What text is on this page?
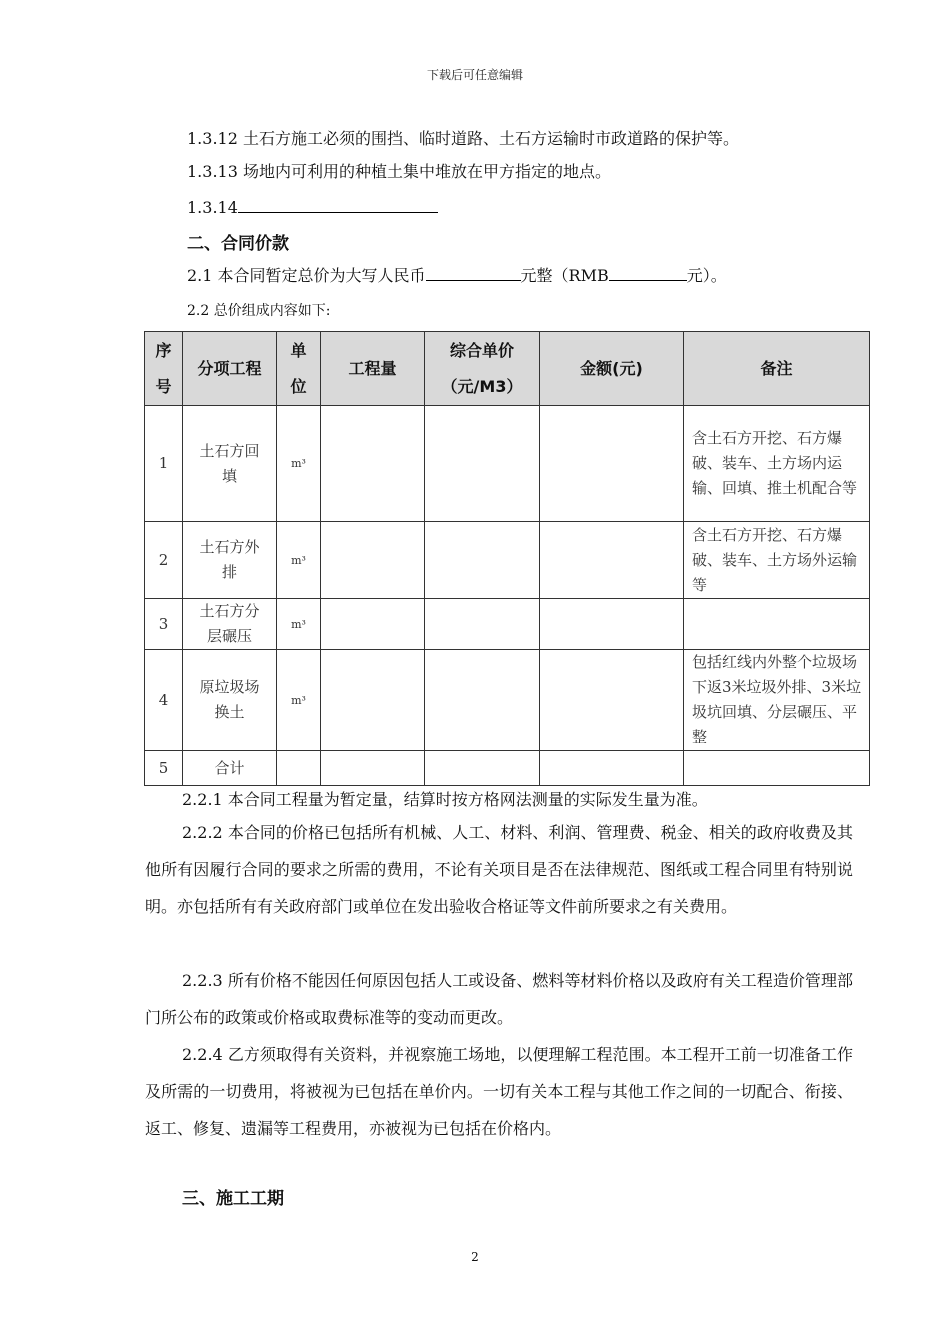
下载后可任意编辑
1.3.12 土石方施工必须的围挡、临时道路、土石方运输时市政道路的保护等。
1.3.13 场地内可利用的种植土集中堆放在甲方指定的地点。
1.3.14
二、合同价款
2.1 本合同暂定总价为大写人民币	元整（RMB	元）。
2.2 总价组成内容如下:
序号	分项工程	单位	工程量	综合单价（元/M3）	金额(元)	备注
1	土石方回填	m³				含土石方开挖、石方爆破、装车、土方场内运输、回填、推土机配合等
2	土石方外排	m³				含土石方开挖、石方爆破、装车、土方场外运输等
3	土石方分层碾压	m³				
4	原垃圾场换土	m³				包括红线内外整个垃圾场下返3米垃圾外排、3米垃圾坑回填、分层碾压、平整
5	合计					
2.2.1 本合同工程量为暂定量，结算时按方格网法测量的实际发生量为准。
2.2.2 本合同的价格已包括所有机械、人工、材料、利润、管理费、税金、相关的政府收费及其他所有因履行合同的要求之所需的费用，不论有关项目是否在法律规范、图纸或工程合同里有特别说明。亦包括所有有关政府部门或单位在发出验收合格证等文件前所要求之有关费用。
2.2.3 所有价格不能因任何原因包括人工或设备、燃料等材料价格以及政府有关工程造价管理部门所公布的政策或价格或取费标准等的变动而更改。
2.2.4 乙方须取得有关资料，并视察施工场地，以便理解工程范围。本工程开工前一切准备工作及所需的一切费用，将被视为已包括在单价内。一切有关本工程与其他工作之间的一切配合、衔接、返工、修复、遗漏等工程费用，亦被视为已包括在价格内。
三、施工工期
2
